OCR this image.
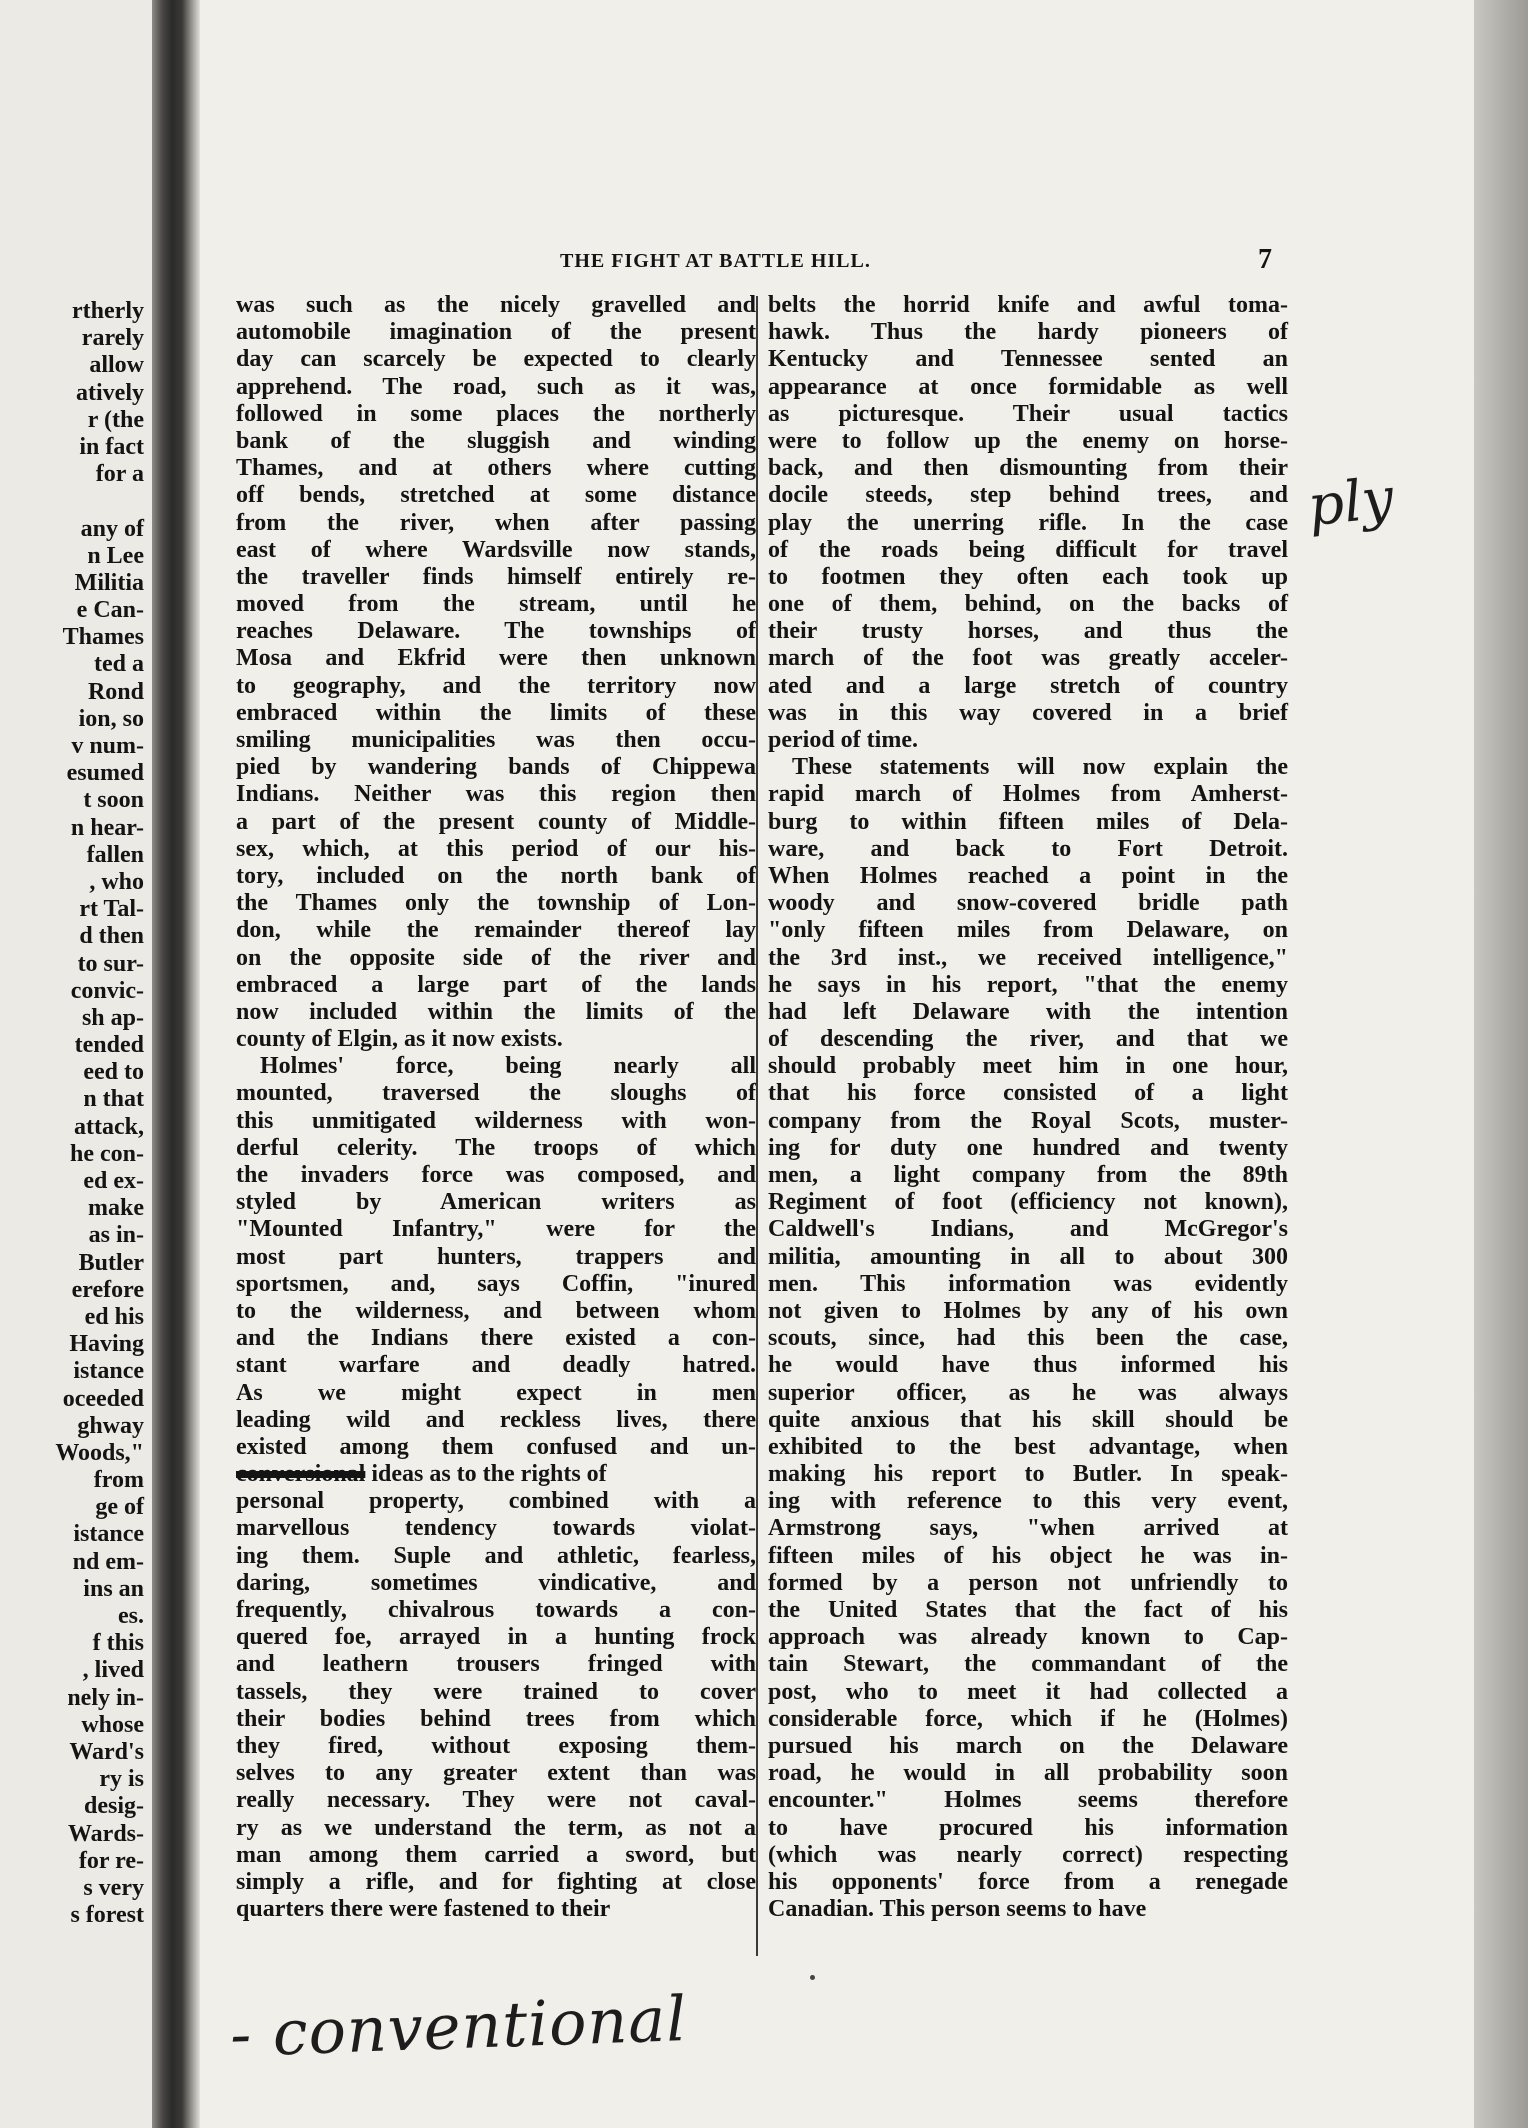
rtherly
rarely
allow
atively
r (the
in fact
for a
any of
n Lee
Militia
e Can-
Thames
ted a
Rond
ion, so
v num-
esumed
t soon
n hear-
fallen
, who
rt Tal-
d then
to sur-
convic-
sh ap-
tended
eed to
n that
attack,
he con-
ed ex-
make
as in-
Butler
erefore
ed his
Having
istance
oceeded
ghway
Woods,"
from
ge of
istance
nd em-
ins an
es.
f this
, lived
nely in-
whose
Ward's
ry is
desig-
Wards-
for re-
s very
s forest
THE FIGHT AT BATTLE HILL.	7
was such as the nicely gravelled and
automobile imagination of the present
day can scarcely be expected to clearly
apprehend. The road, such as it was,
followed in some places the northerly
bank of the sluggish and winding
Thames, and at others where cutting
off bends, stretched at some distance
from the river, when after passing
east of where Wardsville now stands,
the traveller finds himself entirely re-
moved from the stream, until he
reaches Delaware. The townships of
Mosa and Ekfrid were then unknown
to geography, and the territory now
embraced within the limits of these
smiling municipalities was then occu-
pied by wandering bands of Chippewa
Indians. Neither was this region then
a part of the present county of Middle-
sex, which, at this period of our his-
tory, included on the north bank of
the Thames only the township of Lon-
don, while the remainder thereof lay
on the opposite side of the river and
embraced a large part of the lands
now included within the limits of the
county of Elgin, as it now exists.
Holmes' force, being nearly all
mounted, traversed the sloughs of
this unmitigated wilderness with won-
derful celerity. The troops of which
the invaders force was composed, and
styled by American writers as
"Mounted Infantry," were for the
most part hunters, trappers and
sportsmen, and, says Coffin, "inured
to the wilderness, and between whom
and the Indians there existed a con-
stant warfare and deadly hatred.
As we might expect in men
leading wild and reckless lives, there
existed among them confused and un-
conversional ideas as to the rights of
personal property, combined with a
marvellous tendency towards violat-
ing them. Suple and athletic, fearless,
daring, sometimes vindicative, and
frequently, chivalrous towards a con-
quered foe, arrayed in a hunting frock
and leathern trousers fringed with
tassels, they were trained to cover
their bodies behind trees from which
they fired, without exposing them-
selves to any greater extent than was
really necessary. They were not caval-
ry as we understand the term, as not a
man among them carried a sword, but
simply a rifle, and for fighting at close
quarters there were fastened to their
belts the horrid knife and awful toma-
hawk. Thus the hardy pioneers of
Kentucky and Tennessee sented an
appearance at once formidable as well
as picturesque. Their usual tactics
were to follow up the enemy on horse-
back, and then dismounting from their
docile steeds, step behind trees, and
play the unerring rifle. In the case
of the roads being difficult for travel
to footmen they often each took up
one of them, behind, on the backs of
their trusty horses, and thus the
march of the foot was greatly acceler-
ated and a large stretch of country
was in this way covered in a brief
period of time.
These statements will now explain the
rapid march of Holmes from Amherst-
burg to within fifteen miles of Dela-
ware, and back to Fort Detroit.
When Holmes reached a point in the
woody and snow-covered bridle path
"only fifteen miles from Delaware, on
the 3rd inst., we received intelligence,"
he says in his report, "that the enemy
had left Delaware with the intention
of descending the river, and that we
should probably meet him in one hour,
that his force consisted of a light
company from the Royal Scots, muster-
ing for duty one hundred and twenty
men, a light company from the 89th
Regiment of foot (efficiency not known),
Caldwell's Indians, and McGregor's
militia, amounting in all to about 300
men. This information was evidently
not given to Holmes by any of his own
scouts, since, had this been the case,
he would have thus informed his
superior officer, as he was always
quite anxious that his skill should be
exhibited to the best advantage, when
making his report to Butler. In speak-
ing with reference to this very event,
Armstrong says, "when arrived at
fifteen miles of his object he was in-
formed by a person not unfriendly to
the United States that the fact of his
approach was already known to Cap-
tain Stewart, the commandant of the
post, who to meet it had collected a
considerable force, which if he (Holmes)
pursued his march on the Delaware
road, he would in all probability soon
encounter." Holmes seems therefore
to have procured his information
(which was nearly correct) respecting
his opponents' force from a renegade
Canadian. This person seems to have
ply
- conventional
